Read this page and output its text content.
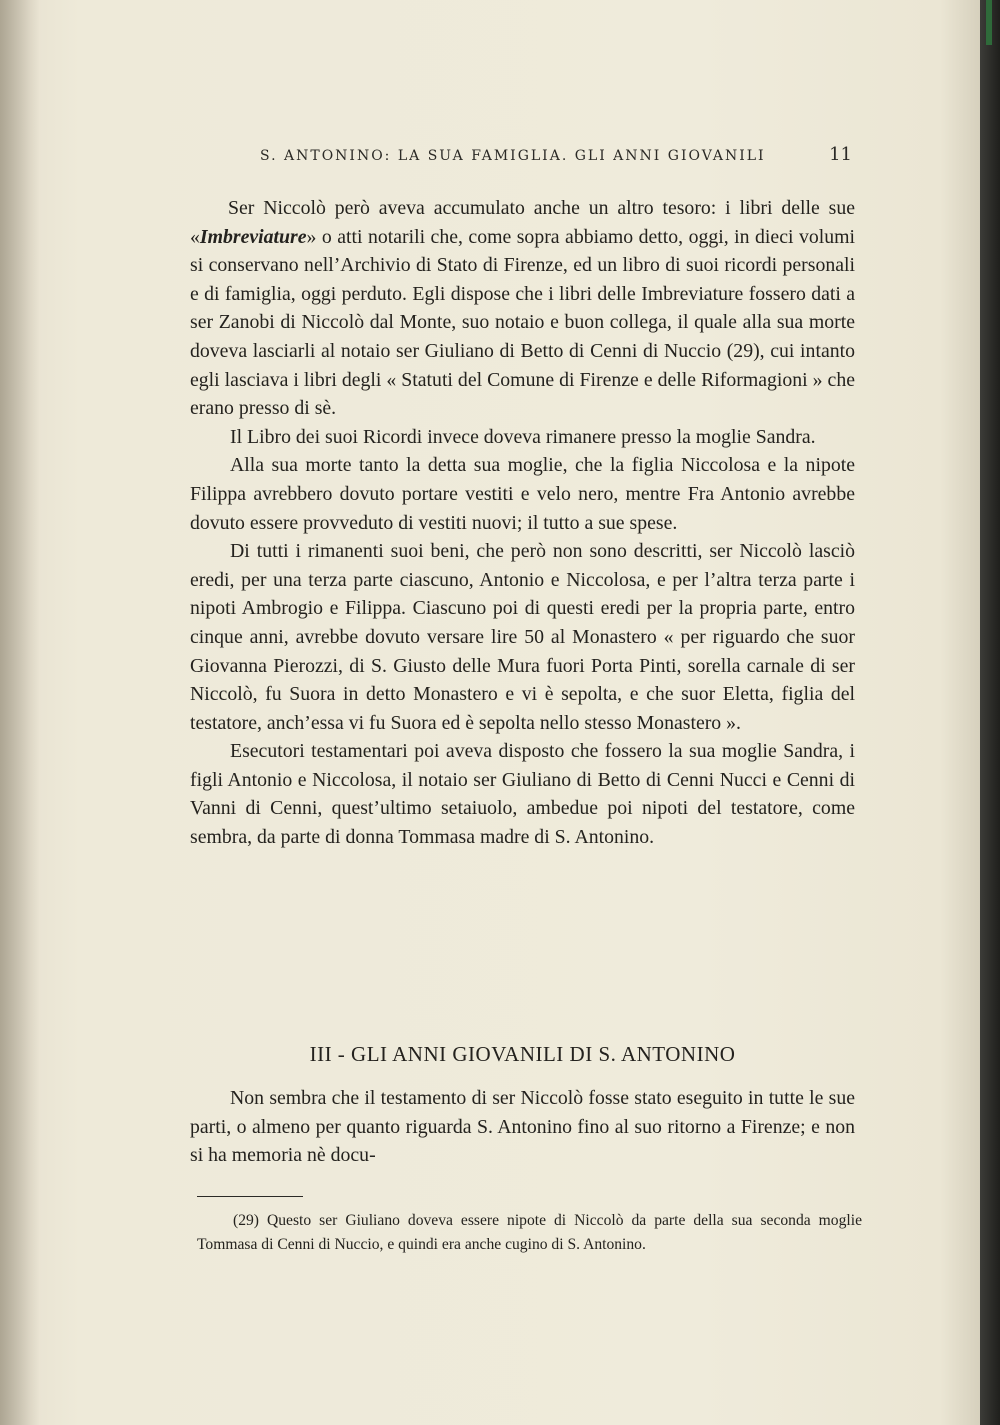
S. ANTONINO: LA SUA FAMIGLIA. GLI ANNI GIOVANILI	11

Ser Niccolò però aveva accumulato anche un altro tesoro: i libri delle sue «Imbreviature» o atti notarili che, come sopra abbiamo detto, oggi, in dieci volumi si conservano nell’Archivio di Stato di Firenze, ed un libro di suoi ricordi personali e di famiglia, oggi perduto. Egli dispose che i libri delle Imbreviature fossero dati a ser Zanobi di Niccolò dal Monte, suo notaio e buon collega, il quale alla sua morte doveva lasciarli al notaio ser Giuliano di Betto di Cenni di Nuccio (29), cui intanto egli lasciava i libri degli « Statuti del Comune di Firenze e delle Riformagioni » che erano presso di sè.

Il Libro dei suoi Ricordi invece doveva rimanere presso la moglie Sandra.

Alla sua morte tanto la detta sua moglie, che la figlia Niccolosa e la nipote Filippa avrebbero dovuto portare vestiti e velo nero, mentre Fra Antonio avrebbe dovuto essere provveduto di vestiti nuovi; il tutto a sue spese.

Di tutti i rimanenti suoi beni, che però non sono descritti, ser Niccolò lasciò eredi, per una terza parte ciascuno, Antonio e Niccolosa, e per l’altra terza parte i nipoti Ambrogio e Filippa. Ciascuno poi di questi eredi per la propria parte, entro cinque anni, avrebbe dovuto versare lire 50 al Monastero « per riguardo che suor Giovanna Pierozzi, di S. Giusto delle Mura fuori Porta Pinti, sorella carnale di ser Niccolò, fu Suora in detto Monastero e vi è sepolta, e che suor Eletta, figlia del testatore, anch’essa vi fu Suora ed è sepolta nello stesso Monastero ».

Esecutori testamentari poi aveva disposto che fossero la sua moglie Sandra, i figli Antonio e Niccolosa, il notaio ser Giuliano di Betto di Cenni Nucci e Cenni di Vanni di Cenni, quest’ultimo setaiuolo, ambedue poi nipoti del testatore, come sembra, da parte di donna Tommasa madre di S. Antonino.

III - GLI ANNI GIOVANILI DI S. ANTONINO

Non sembra che il testamento di ser Niccolò fosse stato eseguito in tutte le sue parti, o almeno per quanto riguarda S. Antonino fino al suo ritorno a Firenze; e non si ha memoria nè docu-

(29) Questo ser Giuliano doveva essere nipote di Niccolò da parte della sua seconda moglie Tommasa di Cenni di Nuccio, e quindi era anche cugino di S. Antonino.
